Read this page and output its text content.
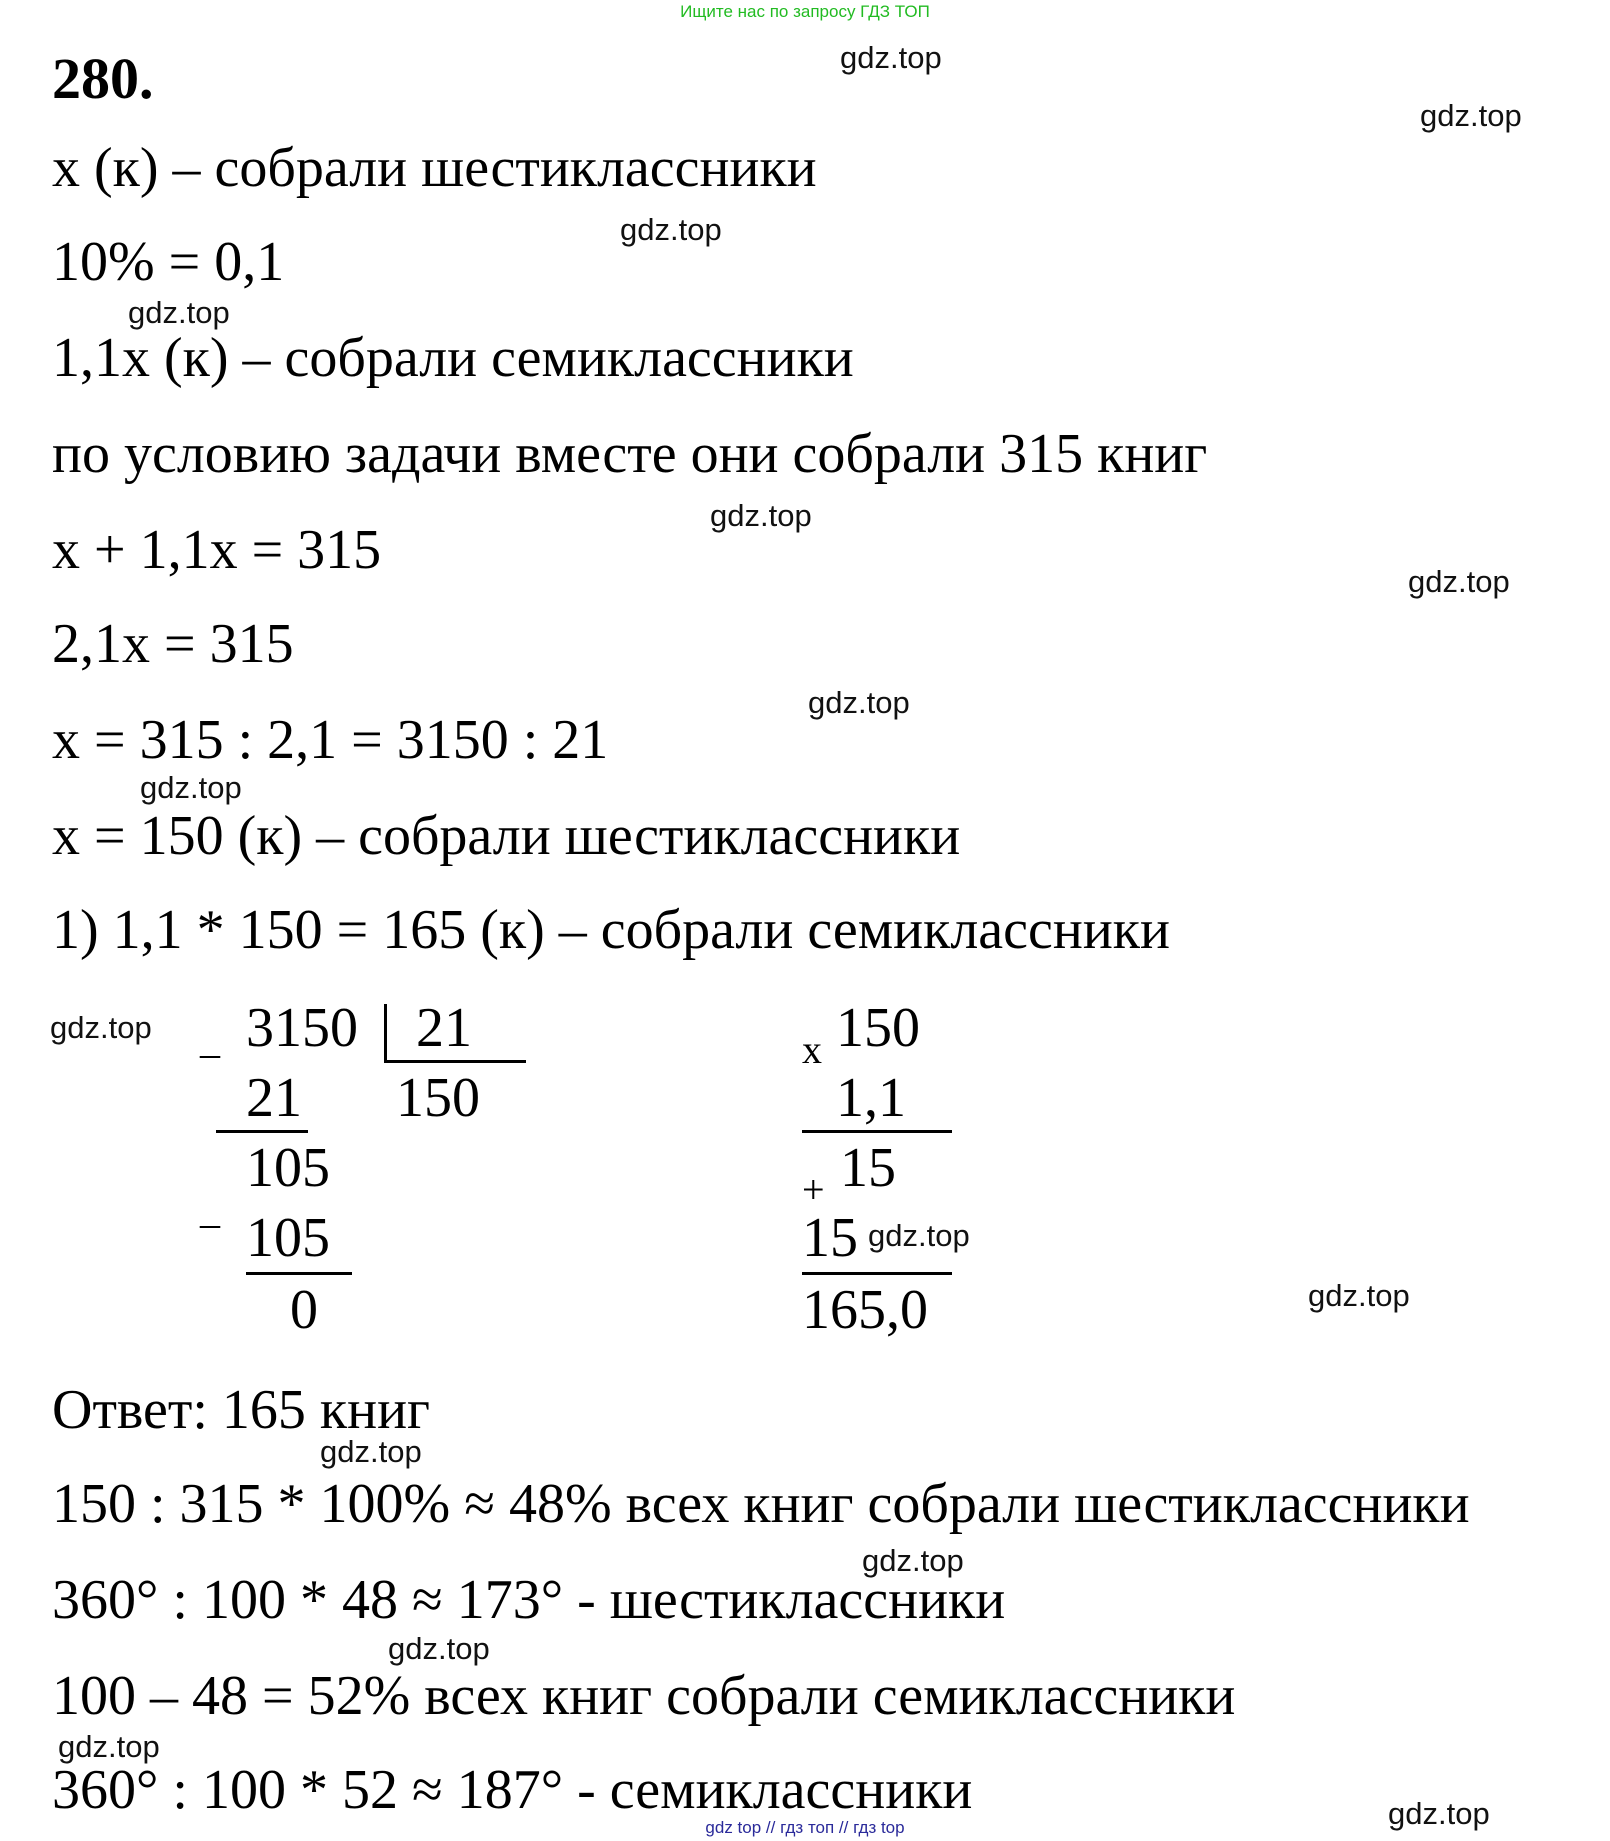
Ищите нас по запросу ГДЗ ТОП
280.
x (к) – собрали шестиклассники
10% = 0,1
1,1x (к) – собрали семиклассники
по условию задачи вместе они собрали 315 книг
x + 1,1x = 315
2,1x = 315
x = 315 : 2,1 = 3150 : 21
x = 150 (к) – собрали шестиклассники
1) 1,1 * 150 = 165 (к) – собрали семиклассники
_ 3150 21
21 150
_
105
105
0
x 150
1,1
+ 15
15
165,0
Ответ: 165 книг
150 : 315 * 100% ≈ 48% всех книг собрали шестиклассники
360° : 100 * 48 ≈ 173° - шестиклассники
100 – 48 = 52% всех книг собрали семиклассники
360° : 100 * 52 ≈ 187° - семиклассники
gdz.top
gdz.top
gdz.top
gdz.top
gdz.top
gdz.top
gdz.top
gdz.top
gdz.top
gdz.top
gdz.top
gdz.top
gdz.top
gdz.top
gdz.top
gdz.top
gdz top // гдз топ // гдз top
